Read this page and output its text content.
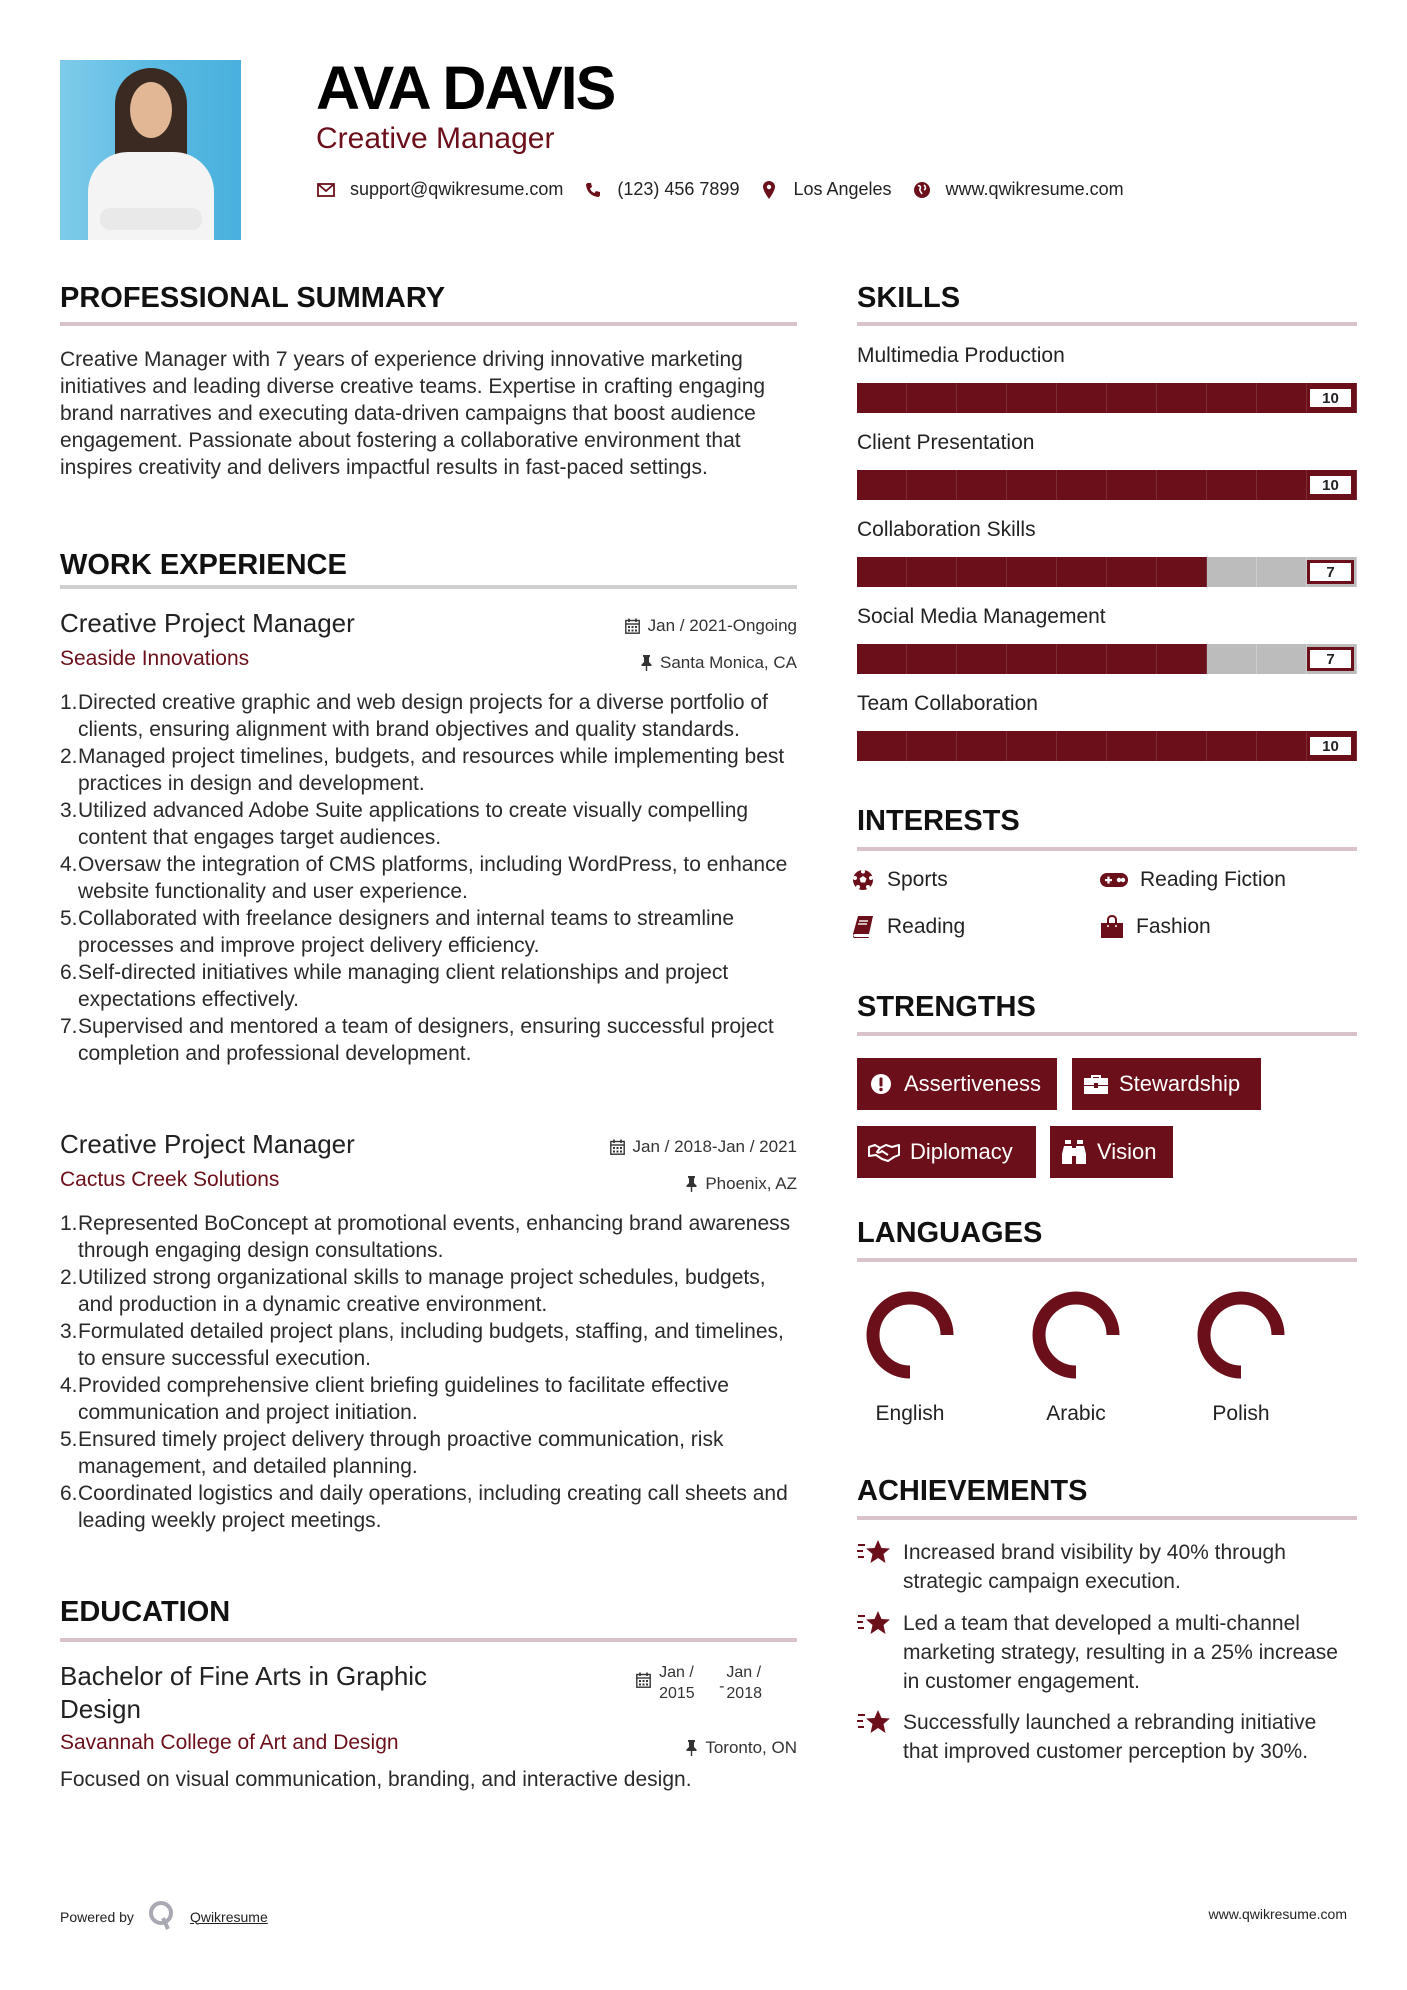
AVA DAVIS
Creative Manager
support@qwikresume.com	(123) 456 7899	Los Angeles	www.qwikresume.com
PROFESSIONAL SUMMARY
Creative Manager with 7 years of experience driving innovative marketing initiatives and leading diverse creative teams. Expertise in crafting engaging brand narratives and executing data-driven campaigns that boost audience engagement. Passionate about fostering a collaborative environment that inspires creativity and delivers impactful results in fast-paced settings.
WORK EXPERIENCE
Jan / 2021-Ongoing
Santa Monica, CA
Creative Project Manager
Seaside Innovations
1. Directed creative graphic and web design projects for a diverse portfolio of clients, ensuring alignment with brand objectives and quality standards.
2. Managed project timelines, budgets, and resources while implementing best practices in design and development.
3. Utilized advanced Adobe Suite applications to create visually compelling content that engages target audiences.
4. Oversaw the integration of CMS platforms, including WordPress, to enhance website functionality and user experience.
5. Collaborated with freelance designers and internal teams to streamline processes and improve project delivery efficiency.
6. Self-directed initiatives while managing client relationships and project expectations effectively.
7. Supervised and mentored a team of designers, ensuring successful project completion and professional development.
Jan / 2018-Jan / 2021
Phoenix, AZ
Creative Project Manager
Cactus Creek Solutions
1. Represented BoConcept at promotional events, enhancing brand awareness through engaging design consultations.
2. Utilized strong organizational skills to manage project schedules, budgets, and production in a dynamic creative environment.
3. Formulated detailed project plans, including budgets, staffing, and timelines, to ensure successful execution.
4. Provided comprehensive client briefing guidelines to facilitate effective communication and project initiation.
5. Ensured timely project delivery through proactive communication, risk management, and detailed planning.
6. Coordinated logistics and daily operations, including creating call sheets and leading weekly project meetings.
EDUCATION
Jan /
2015	-
Jan /
2018
Toronto, ON
Bachelor of Fine Arts in Graphic
Design
Savannah College of Art and Design
Focused on visual communication, branding, and interactive design.
SKILLS
Multimedia Production
10
Client Presentation
10
Collaboration Skills
7
Social Media Management
7
Team Collaboration
10
INTERESTS
Sports	Reading Fiction
Reading	Fashion
STRENGTHS
Assertiveness	Stewardship
Diplomacy	Vision
LANGUAGES
English	Arabic	Polish
ACHIEVEMENTS
Increased brand visibility by 40% through strategic campaign execution.
Led a team that developed a multi-channel marketing strategy, resulting in a 25% increase in customer engagement.
Successfully launched a rebranding initiative that improved customer perception by 30%.
Powered by	Qwikresume	www.qwikresume.com
